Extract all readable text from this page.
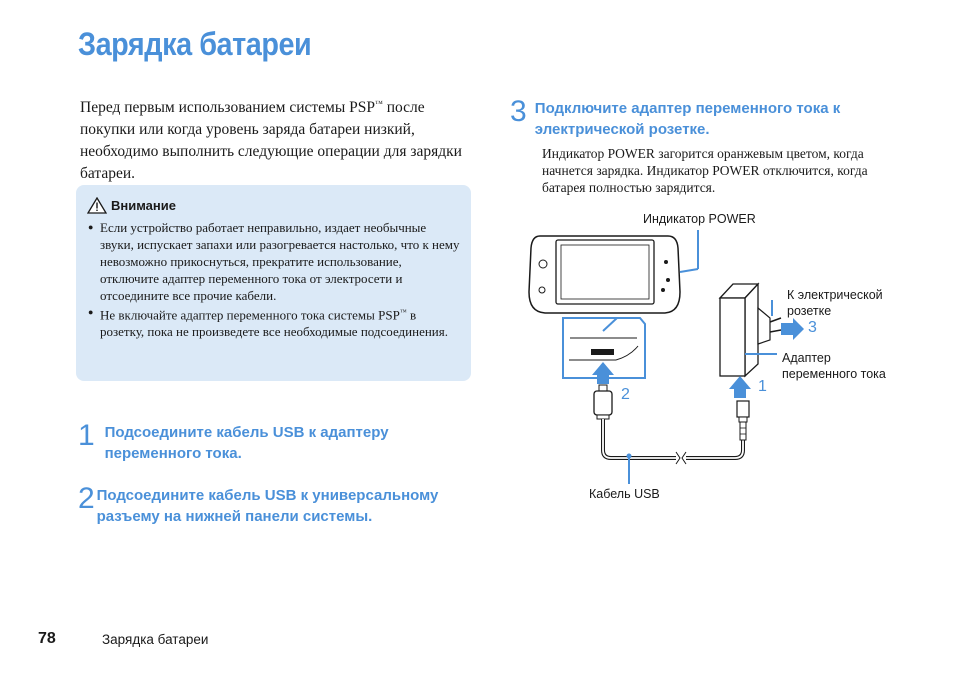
Зарядка батареи
Перед первым использованием системы PSP™ после покупки или когда уровень заряда батареи низкий, необходимо выполнить следующие операции для зарядки батареи.
Внимание
● Если устройство работает неправильно, издает необычные звуки, испускает запахи или разогревается настолько, что к нему невозможно прикоснуться, прекратите использование, отключите адаптер переменного тока от электросети и отсоедините все прочие кабели.
● Не включайте адаптер переменного тока системы PSP™ в розетку, пока не произведете все необходимые подсоединения.
1 Подсоедините кабель USB к адаптеру переменного тока.
2 Подсоедините кабель USB к универсальному разъему на нижней панели системы.
3 Подключите адаптер переменного тока к электрической розетке.
Индикатор POWER загорится оранжевым цветом, когда начнется зарядка. Индикатор POWER отключится, когда батарея полностью зарядится.
Индикатор POWER
К электрической розетке
Адаптер переменного тока
Кабель USB
3
1
2
78	Зарядка батареи
